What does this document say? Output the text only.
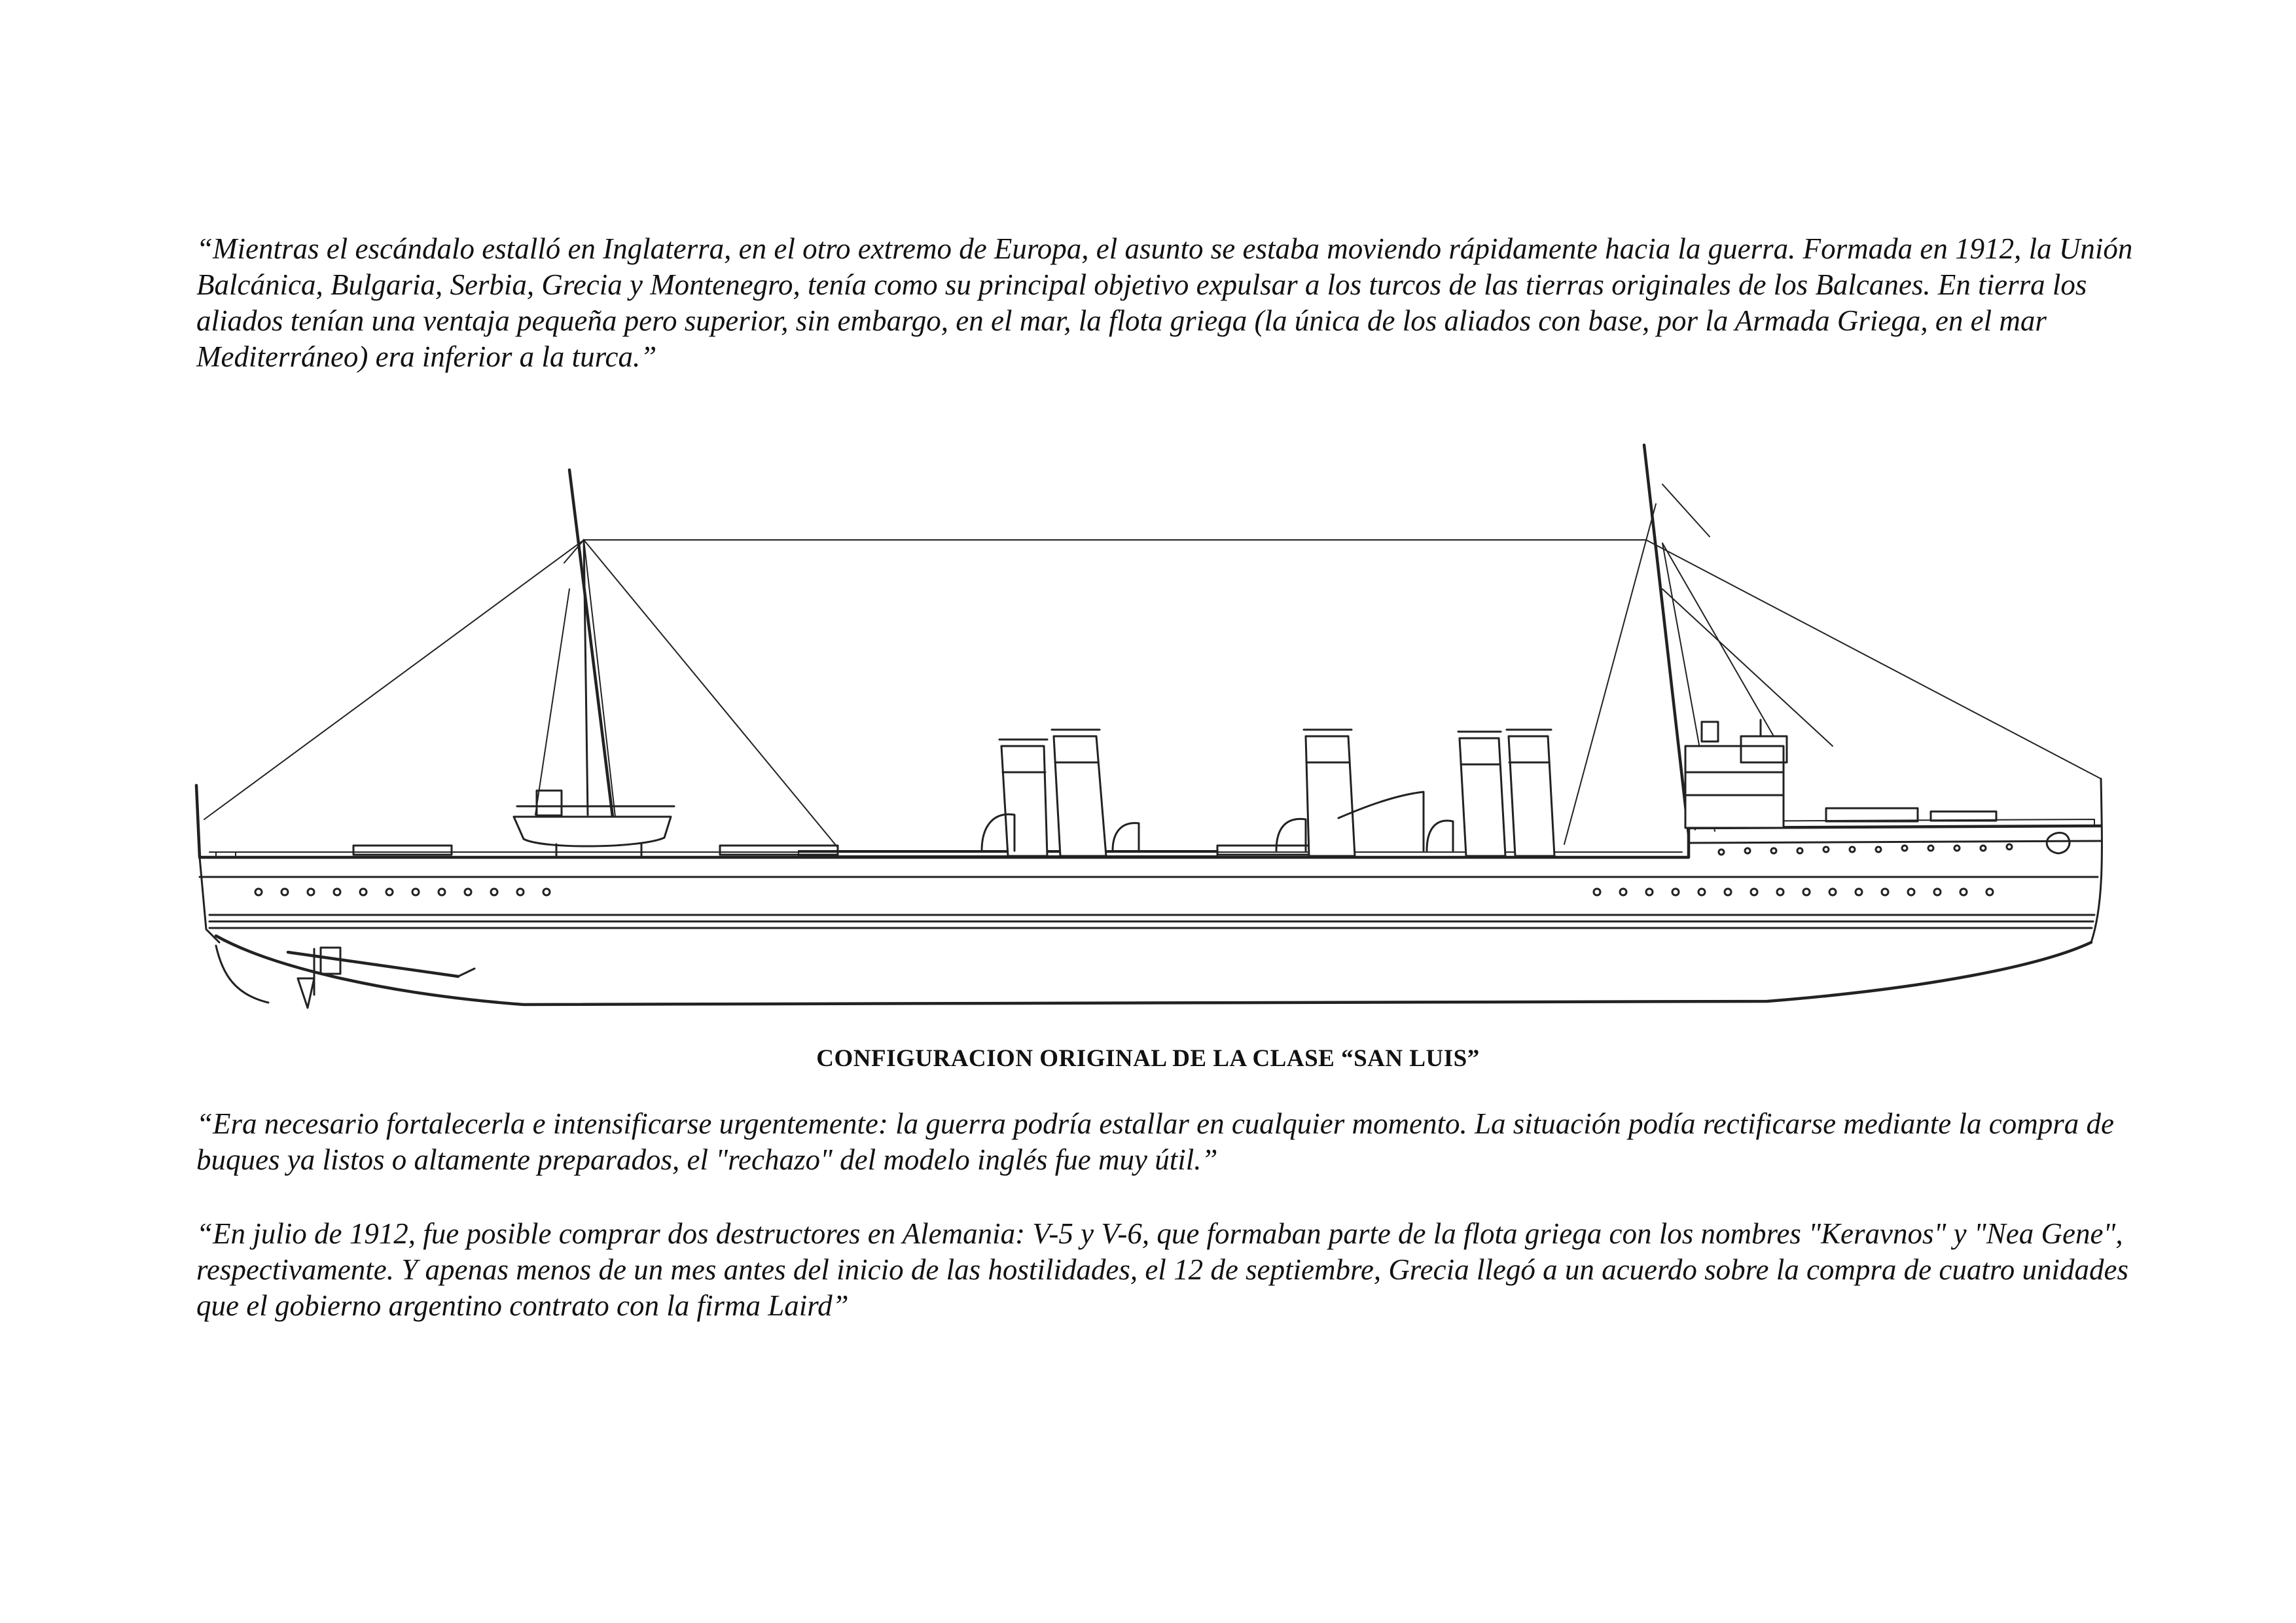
“Mientras el escándalo estalló en Inglaterra, en el otro extremo de Europa, el asunto se estaba moviendo rápidamente hacia la guerra. Formada en 1912, la Unión Balcánica, Bulgaria, Serbia, Grecia y Montenegro, tenía como su principal objetivo expulsar a los turcos de las tierras originales de los Balcanes. En tierra los aliados tenían una ventaja pequeña pero superior, sin embargo, en el mar, la flota griega (la única de los aliados con base, por la Armada Griega, en el mar Mediterráneo) era inferior a la turca.”

CONFIGURACION ORIGINAL DE LA CLASE “SAN LUIS”

“Era necesario fortalecerla e intensificarse urgentemente: la guerra podría estallar en cualquier momento. La situación podía rectificarse mediante la compra de buques ya listos o altamente preparados, el "rechazo" del modelo inglés fue muy útil.”

“En julio de 1912, fue posible comprar dos destructores en Alemania: V-5 y V-6, que formaban parte de la flota griega con los nombres "Keravnos" y "Nea Gene", respectivamente. Y apenas menos de un mes antes del inicio de las hostilidades, el 12 de septiembre, Grecia llegó a un acuerdo sobre la compra de cuatro unidades que el gobierno argentino contrato con la firma Laird”
